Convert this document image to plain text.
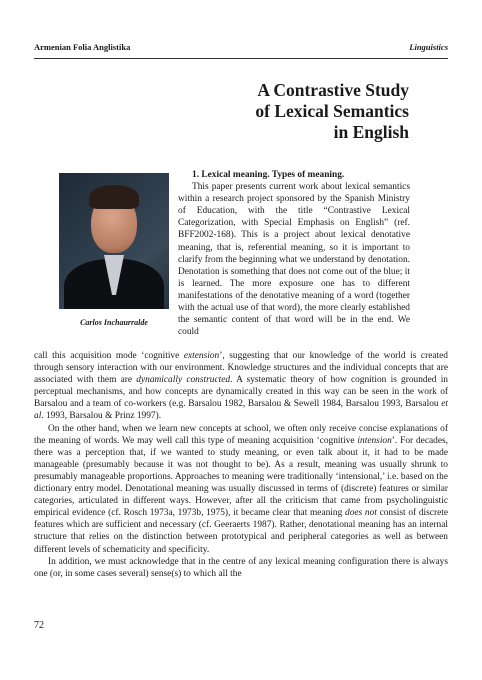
Armenian Folia Anglistika	Linguistics
A Contrastive Study
of Lexical Semantics
in English
Carlos Inchaurralde

1. Lexical meaning. Types of meaning.

This paper presents current work about lexical semantics within a research project sponsored by the Spanish Ministry of Education, with the title “Contrastive Lexical Categorization, with Special Emphasis on English” (ref. BFF2002-168). This is a project about lexical denotative meaning, that is, referential meaning, so it is important to clarify from the beginning what we understand by denotation. Denotation is something that does not come out of the blue; it is learned. The more exposure one has to different manifestations of the denotative meaning of a word (together with the actual use of that word), the more clearly established the semantic content of that word will be in the end. We could

call this acquisition mode ‘cognitive extension’, suggesting that our knowledge of the world is created through sensory interaction with our environment. Knowledge structures and the individual concepts that are associated with them are dynamically constructed. A systematic theory of how cognition is grounded in perceptual mechanisms, and how concepts are dynamically created in this way can be seen in the work of Barsalou and a team of co-workers (e.g. Barsalou 1982, Barsalou & Sewell 1984, Barsalou 1993, Barsalou et al. 1993, Barsalou & Prinz 1997).

On the other hand, when we learn new concepts at school, we often only receive concise explanations of the meaning of words. We may well call this type of meaning acquisition ‘cognitive intension’. For decades, there was a perception that, if we wanted to study meaning, or even talk about it, it had to be made manageable (presumably because it was not thought to be). As a result, meaning was usually shrunk to presumably manageable proportions. Approaches to meaning were traditionally ‘intensional,’ i.e. based on the dictionary entry model. Denotational meaning was usually discussed in terms of (discrete) features or similar categories, articulated in different ways. However, after all the criticism that came from psycholinguistic empirical evidence (cf. Rosch 1973a, 1973b, 1975), it became clear that meaning does not consist of discrete features which are sufficient and necessary (cf. Geeraerts 1987). Rather, denotational meaning has an internal structure that relies on the distinction between prototypical and peripheral categories as well as between different levels of schematicity and specificity.

In addition, we must acknowledge that in the centre of any lexical meaning configuration there is always one (or, in some cases several) sense(s) to which all the

72
